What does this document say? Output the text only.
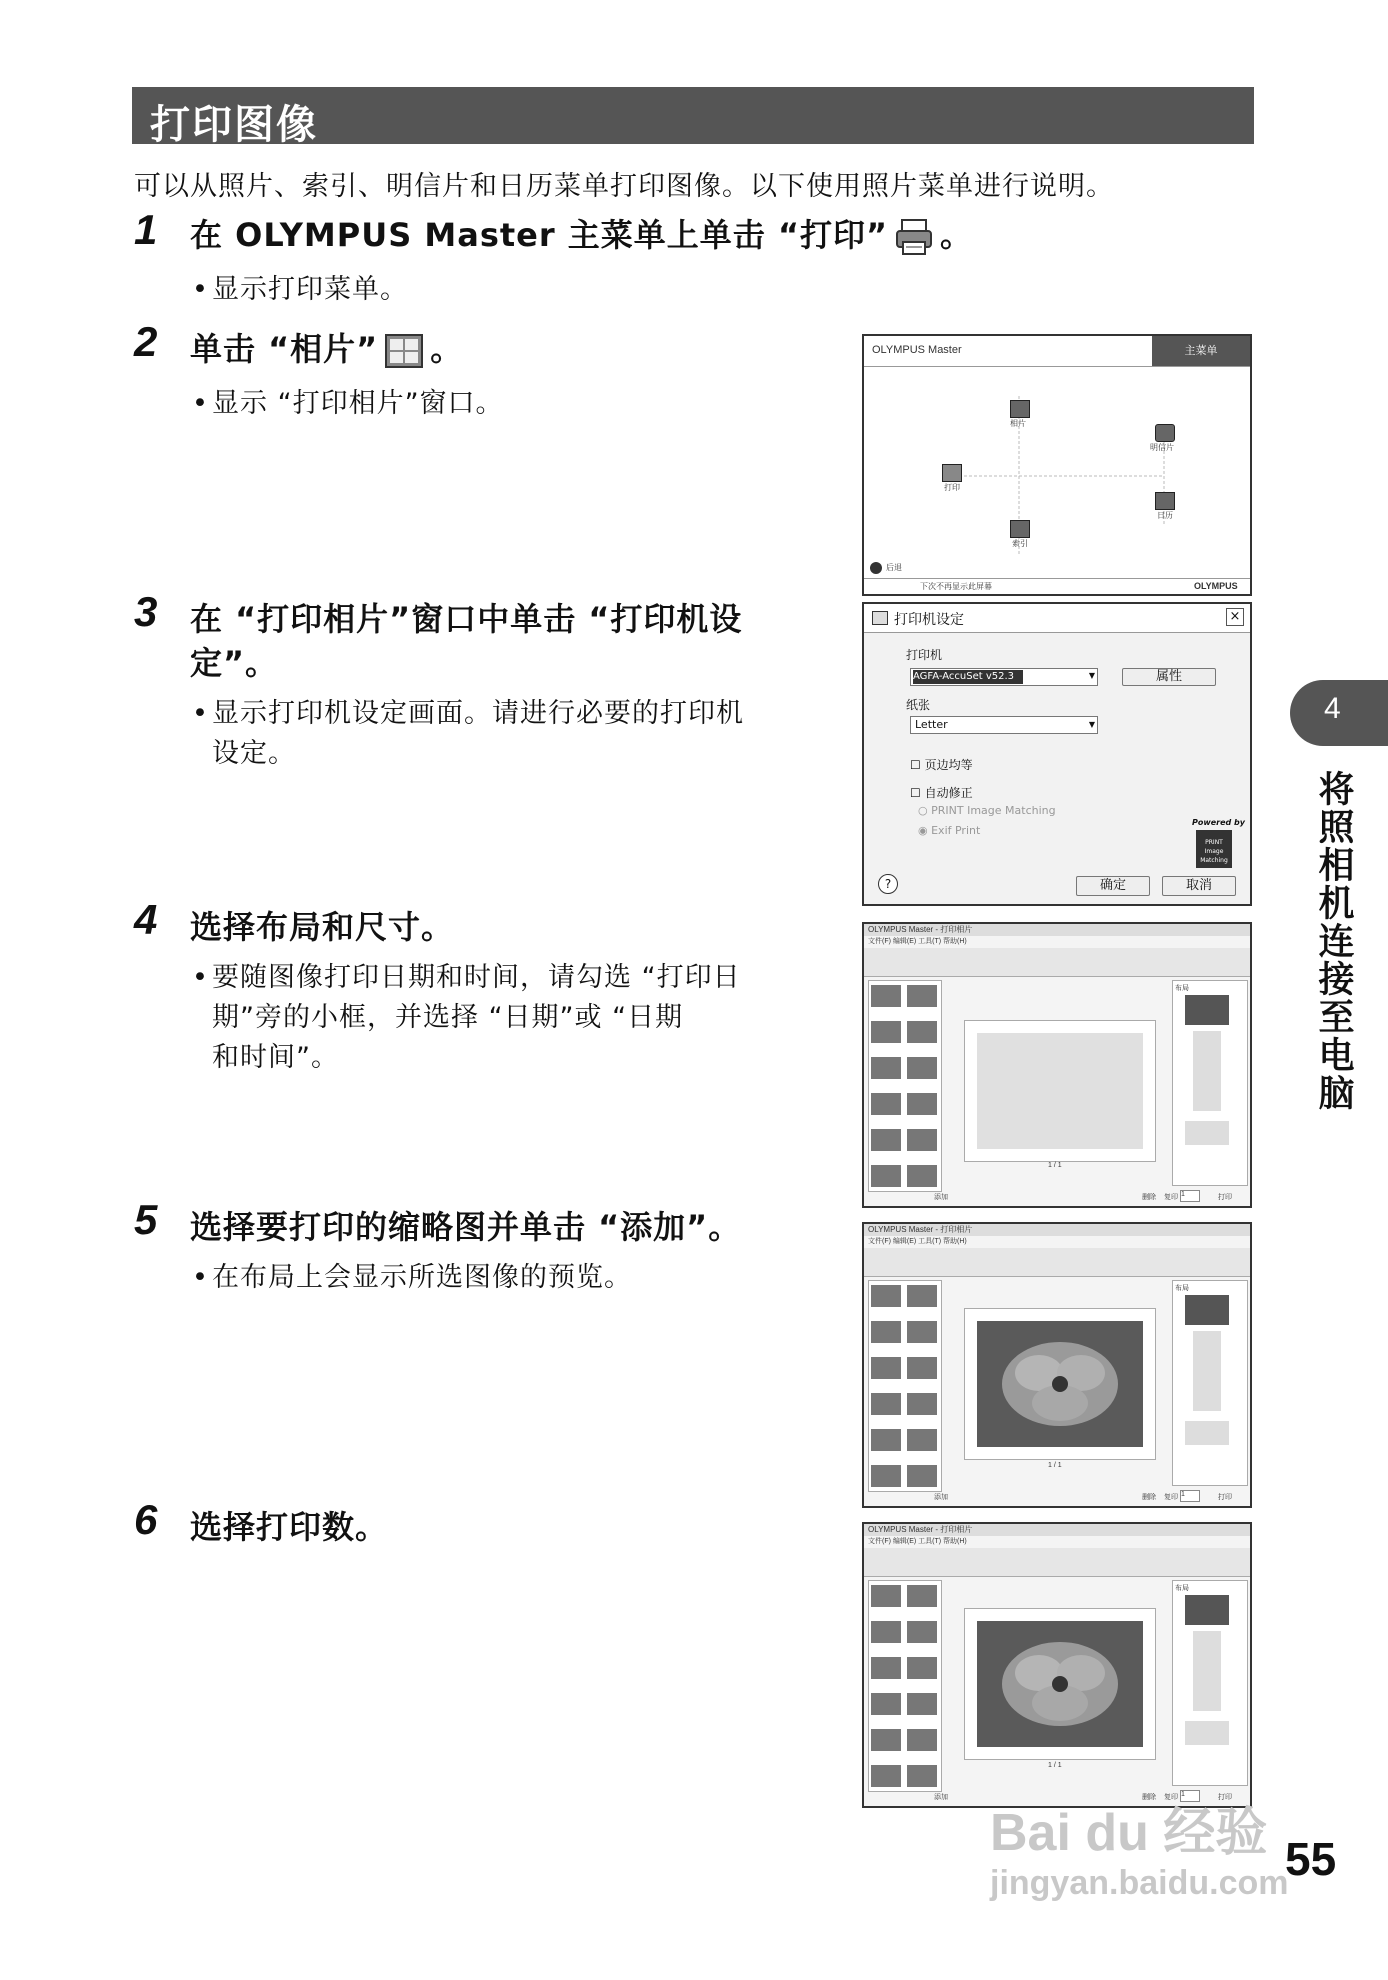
打印图像
可以从照片、索引、明信片和日历菜单打印图像。以下使用照片菜单进行说明。
1 在 OLYMPUS Master 主菜单上单击 “打印” 。
• 显示打印菜单。
2 单击 “相片” 。
• 显示 “打印相片”窗口。
3 在 “打印相片”窗口中单击 “打印机设
定”。
• 显示打印机设定画面。请进行必要的打印机
设定。
4 选择布局和尺寸。
• 要随图像打印日期和时间，请勾选 “打印日
期”旁的小框，并选择 “日期”或 “日期
和时间”。
5 选择要打印的缩略图并单击 “添加”。
• 在布局上会显示所选图像的预览。
6 选择打印数。
OLYMPUS Master	主菜单
相片
明信片
打印
日历
索引
后退
下次不再显示此屏幕	OLYMPUS
打印机设定	×
打印机
AGFA-AccuSet v52.3	▼	属性
纸张
Letter	▼
☐ 页边均等
☐ 自动修正
○ PRINT Image Matching
◉ Exif Print
Powered by
PRINT Image Matching
?	确定	取消
OLYMPUS Master - 打印相片
文件(F) 编辑(E) 工具(T) 帮助(H)
1 / 1
布局
添加	删除 复印 1	打印
OLYMPUS Master - 打印相片
文件(F) 编辑(E) 工具(T) 帮助(H)
1 / 1
布局
添加	删除 复印 1	打印
OLYMPUS Master - 打印相片
文件(F) 编辑(E) 工具(T) 帮助(H)
1 / 1
布局
添加	删除 复印 1	打印
4
将照相机连接至电脑
Bai du 经验
jingyan.baidu.com
55
